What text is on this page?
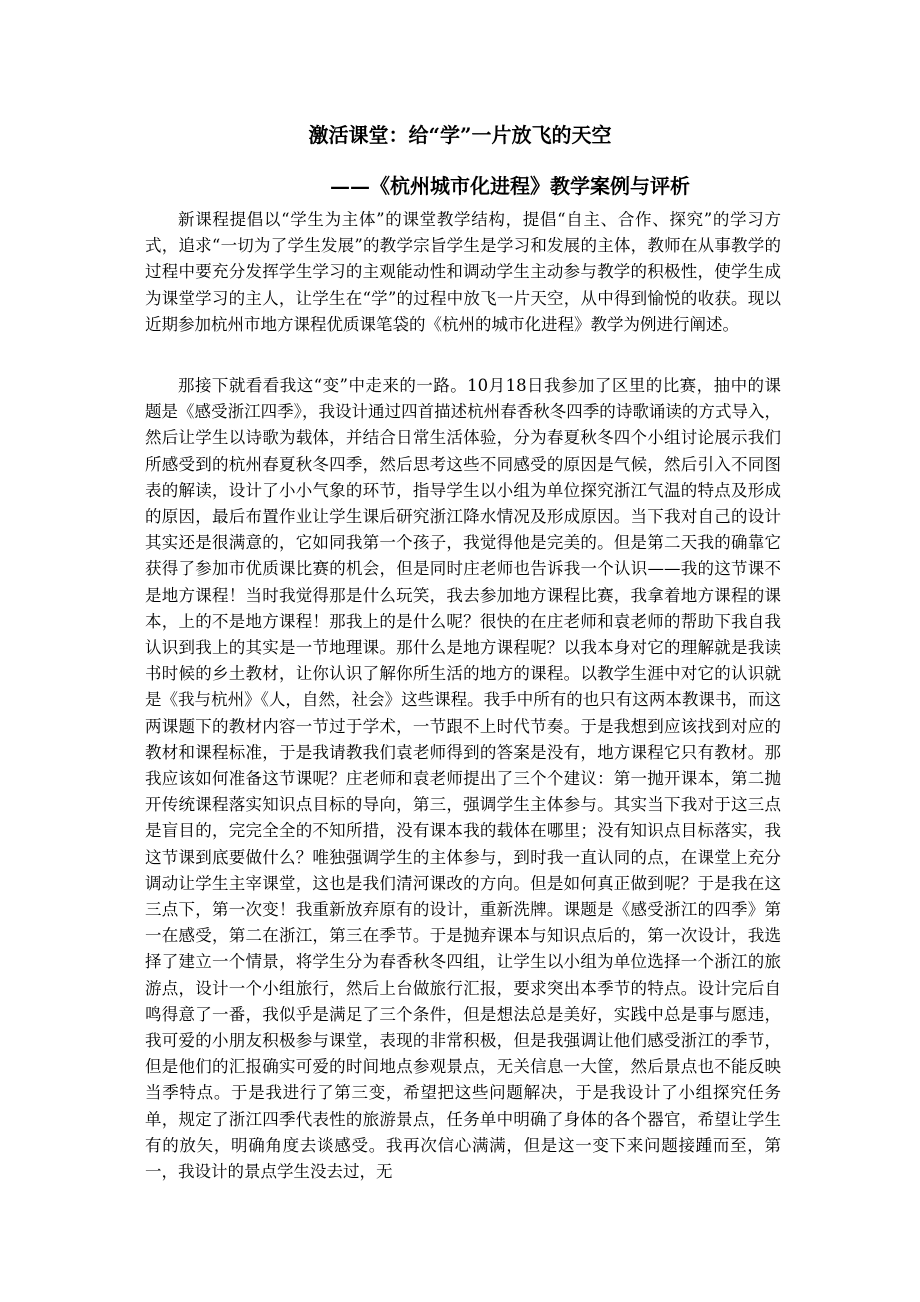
激活课堂：给“学”一片放飞的天空
——《杭州城市化进程》教学案例与评析

新课程提倡以“学生为主体”的课堂教学结构，提倡“自主、合作、探究”的学习方式，追求“一切为了学生发展”的教学宗旨学生是学习和发展的主体，教师在从事教学的过程中要充分发挥学生学习的主观能动性和调动学生主动参与教学的积极性，使学生成为课堂学习的主人，让学生在“学”的过程中放飞一片天空，从中得到愉悦的收获。现以近期参加杭州市地方课程优质课笔袋的《杭州的城市化进程》教学为例进行阐述。

那接下就看看我这“变”中走来的一路。10月18日我参加了区里的比赛，抽中的课题是《感受浙江四季》，我设计通过四首描述杭州春香秋冬四季的诗歌诵读的方式导入，然后让学生以诗歌为载体，并结合日常生活体验，分为春夏秋冬四个小组讨论展示我们所感受到的杭州春夏秋冬四季，然后思考这些不同感受的原因是气候，然后引入不同图表的解读，设计了小小气象的环节，指导学生以小组为单位探究浙江气温的特点及形成的原因，最后布置作业让学生课后研究浙江降水情况及形成原因。当下我对自己的设计其实还是很满意的，它如同我第一个孩子，我觉得他是完美的。但是第二天我的确靠它获得了参加市优质课比赛的机会，但是同时庄老师也告诉我一个认识——我的这节课不是地方课程！当时我觉得那是什么玩笑，我去参加地方课程比赛，我拿着地方课程的课本，上的不是地方课程！那我上的是什么呢？很快的在庄老师和袁老师的帮助下我自我认识到我上的其实是一节地理课。那什么是地方课程呢？以我本身对它的理解就是我读书时候的乡土教材，让你认识了解你所生活的地方的课程。以教学生涯中对它的认识就是《我与杭州》《人，自然，社会》这些课程。我手中所有的也只有这两本教课书，而这两课题下的教材内容一节过于学术，一节跟不上时代节奏。于是我想到应该找到对应的教材和课程标准，于是我请教我们袁老师得到的答案是没有，地方课程它只有教材。那我应该如何准备这节课呢？庄老师和袁老师提出了三个个建议：第一抛开课本，第二抛开传统课程落实知识点目标的导向，第三，强调学生主体参与。其实当下我对于这三点是盲目的，完完全全的不知所措，没有课本我的载体在哪里；没有知识点目标落实，我这节课到底要做什么？唯独强调学生的主体参与，到时我一直认同的点，在课堂上充分调动让学生主宰课堂，这也是我们清河课改的方向。但是如何真正做到呢？于是我在这三点下，第一次变！我重新放弃原有的设计，重新洗牌。课题是《感受浙江的四季》第一在感受，第二在浙江，第三在季节。于是抛弃课本与知识点后的，第一次设计，我选择了建立一个情景，将学生分为春香秋冬四组，让学生以小组为单位选择一个浙江的旅游点，设计一个小组旅行，然后上台做旅行汇报，要求突出本季节的特点。设计完后自鸣得意了一番，我似乎是满足了三个条件，但是想法总是美好，实践中总是事与愿违，我可爱的小朋友积极参与课堂，表现的非常积极，但是我强调让他们感受浙江的季节，但是他们的汇报确实可爱的时间地点参观景点，无关信息一大筐，然后景点也不能反映当季特点。于是我进行了第三变，希望把这些问题解决，于是我设计了小组探究任务单，规定了浙江四季代表性的旅游景点，任务单中明确了身体的各个器官，希望让学生有的放矢，明确角度去谈感受。我再次信心满满，但是这一变下来问题接踵而至，第一，我设计的景点学生没去过，无
